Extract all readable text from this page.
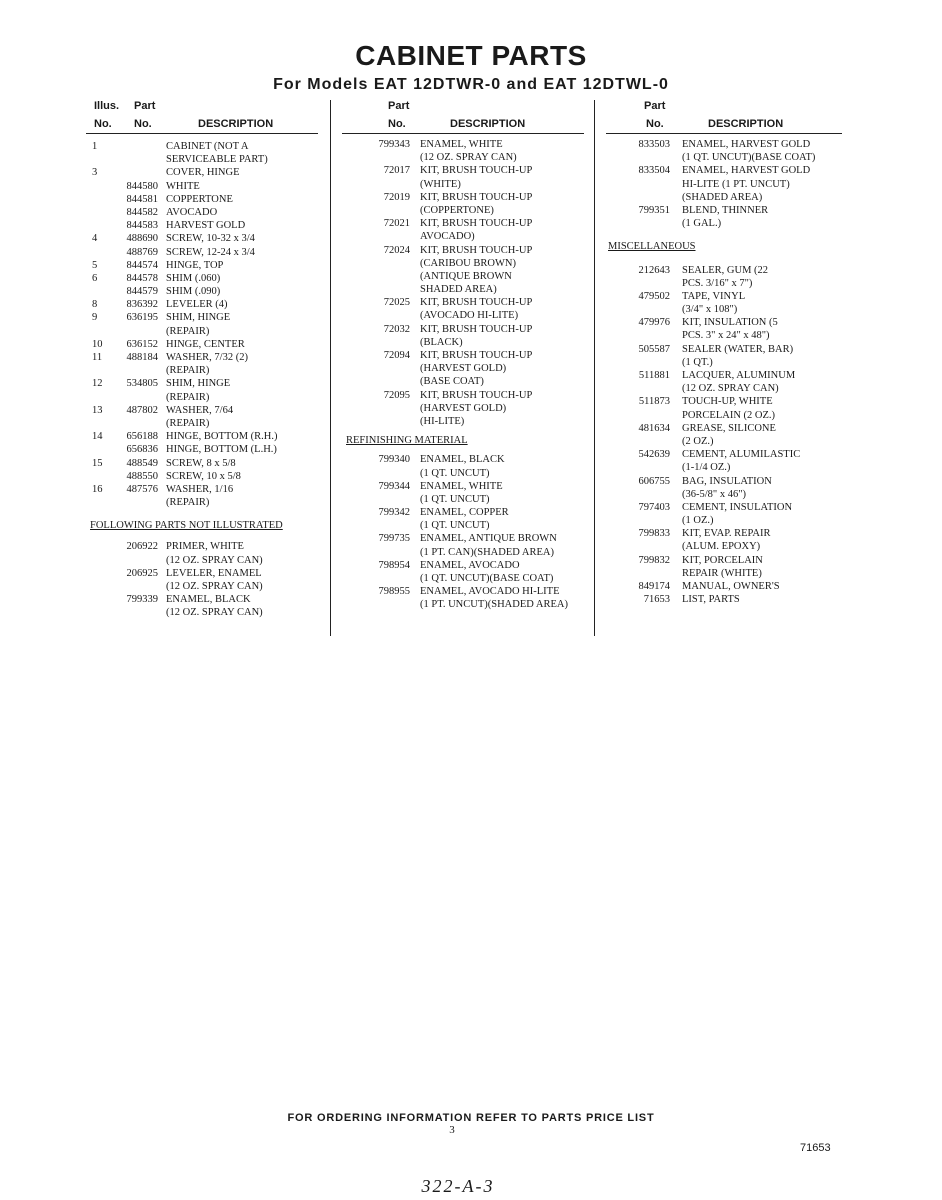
CABINET PARTS
For Models EAT 12DTWR-0 and EAT 12DTWL-0
Illus. Part
No. No.	DESCRIPTION
1	CABINET (NOT A
SERVICEABLE PART)
3	COVER, HINGE
844580 WHITE
844581 COPPERTONE
844582 AVOCADO
844583 HARVEST GOLD
4	488690 SCREW, 10-32 x 3/4
488769 SCREW, 12-24 x 3/4
5	844574 HINGE, TOP
6	844578 SHIM (.060)
844579 SHIM (.090)
8	836392 LEVELER (4)
9	636195 SHIM, HINGE
(REPAIR)
10	636152 HINGE, CENTER
11	488184 WASHER, 7/32 (2)
(REPAIR)
12	534805 SHIM, HINGE
(REPAIR)
13	487802 WASHER, 7/64
(REPAIR)
14	656188 HINGE, BOTTOM (R.H.)
656836 HINGE, BOTTOM (L.H.)
15	488549 SCREW, 8 x 5/8
488550 SCREW, 10 x 5/8
16	487576 WASHER, 1/16
(REPAIR)
FOLLOWING PARTS NOT ILLUSTRATED
206922 PRIMER, WHITE
(12 OZ. SPRAY CAN)
206925 LEVELER, ENAMEL
(12 OZ. SPRAY CAN)
799339 ENAMEL, BLACK
(12 OZ. SPRAY CAN)
Part
No.	DESCRIPTION
799343 ENAMEL, WHITE
(12 OZ. SPRAY CAN)
72017 KIT, BRUSH TOUCH-UP
(WHITE)
72019 KIT, BRUSH TOUCH-UP
(COPPERTONE)
72021 KIT, BRUSH TOUCH-UP
AVOCADO)
72024 KIT, BRUSH TOUCH-UP
(CARIBOU BROWN)
(ANTIQUE BROWN
SHADED AREA)
72025 KIT, BRUSH TOUCH-UP
(AVOCADO HI-LITE)
72032 KIT, BRUSH TOUCH-UP
(BLACK)
72094 KIT, BRUSH TOUCH-UP
(HARVEST GOLD)
(BASE COAT)
72095 KIT, BRUSH TOUCH-UP
(HARVEST GOLD)
(HI-LITE)
REFINISHING MATERIAL
799340 ENAMEL, BLACK
(1 QT. UNCUT)
799344 ENAMEL, WHITE
(1 QT. UNCUT)
799342 ENAMEL, COPPER
(1 QT. UNCUT)
799735 ENAMEL, ANTIQUE BROWN
(1 PT. CAN)(SHADED AREA)
798954 ENAMEL, AVOCADO
(1 QT. UNCUT)(BASE COAT)
798955 ENAMEL, AVOCADO HI-LITE
(1 PT. UNCUT)(SHADED AREA)
Part
No.	DESCRIPTION
833503 ENAMEL, HARVEST GOLD
(1 QT. UNCUT)(BASE COAT)
833504 ENAMEL, HARVEST GOLD
HI-LITE (1 PT. UNCUT)
(SHADED AREA)
799351 BLEND, THINNER
(1 GAL.)
MISCELLANEOUS
212643 SEALER, GUM (22
PCS. 3/16" x 7")
479502 TAPE, VINYL
(3/4" x 108")
479976 KIT, INSULATION (5
PCS. 3" x 24" x 48")
505587 SEALER (WATER, BAR)
(1 QT.)
511881 LACQUER, ALUMINUM
(12 OZ. SPRAY CAN)
511873 TOUCH-UP, WHITE
PORCELAIN (2 OZ.)
481634 GREASE, SILICONE
(2 OZ.)
542639 CEMENT, ALUMILASTIC
(1-1/4 OZ.)
606755 BAG, INSULATION
(36-5/8" x 46")
797403 CEMENT, INSULATION
(1 OZ.)
799833 KIT, EVAP. REPAIR
(ALUM. EPOXY)
799832 KIT, PORCELAIN
REPAIR (WHITE)
849174 MANUAL, OWNER'S
71653 LIST, PARTS
FOR ORDERING INFORMATION REFER TO PARTS PRICE LIST
3
71653
322-A-3
